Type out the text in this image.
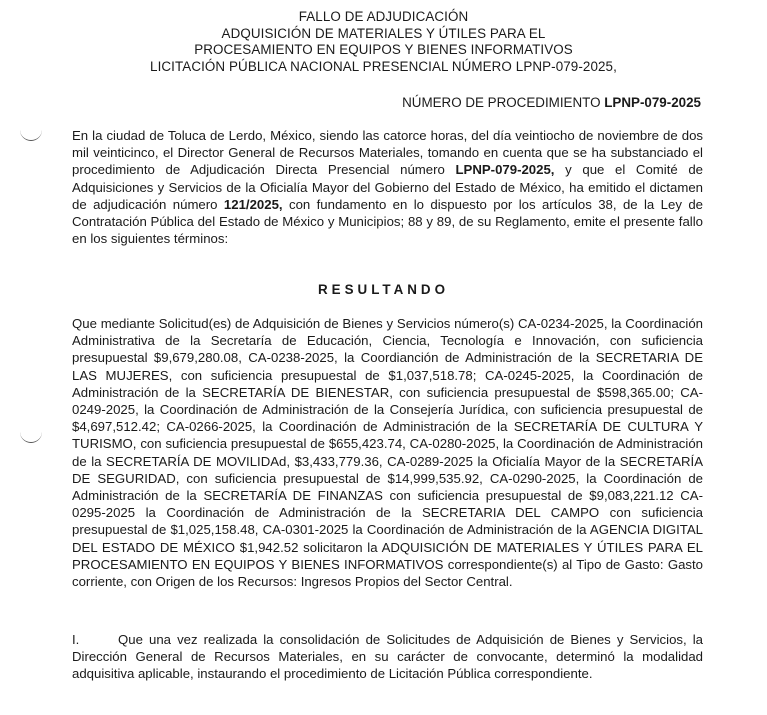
FALLO DE ADJUDICACIÓN
ADQUISICIÓN DE MATERIALES Y ÚTILES PARA EL
PROCESAMIENTO EN EQUIPOS Y BIENES INFORMATIVOS
LICITACIÓN PÚBLICA NACIONAL PRESENCIAL NÚMERO LPNP-079-2025,
NÚMERO DE PROCEDIMIENTO LPNP-079-2025

En la ciudad de Toluca de Lerdo, México, siendo las catorce horas, del día veintiocho de noviembre de dos mil veinticinco, el Director General de Recursos Materiales, tomando en cuenta que se ha substanciado el procedimiento de Adjudicación Directa Presencial número LPNP-079-2025, y que el Comité de Adquisiciones y Servicios de la Oficialía Mayor del Gobierno del Estado de México, ha emitido el dictamen de adjudicación número 121/2025, con fundamento en lo dispuesto por los artículos 38, de la Ley de Contratación Pública del Estado de México y Municipios; 88 y 89, de su Reglamento, emite el presente fallo en los siguientes términos:

RESULTANDO

Que mediante Solicitud(es) de Adquisición de Bienes y Servicios número(s) CA-0234-2025, la Coordinación Administrativa de la Secretaría de Educación, Ciencia, Tecnología e Innovación, con suficiencia presupuestal $9,679,280.08, CA-0238-2025, la Coordianción de Administración de la SECRETARIA DE LAS MUJERES, con suficiencia presupuestal de $1,037,518.78; CA-0245-2025, la Coordinación de Administración de la SECRETARÍA DE BIENESTAR, con suficiencia presupuestal de $598,365.00; CA-0249-2025, la Coordinación de Administración de la Consejería Jurídica, con suficiencia presupuestal de $4,697,512.42; CA-0266-2025, la Coordinación de Administración de la SECRETARÍA DE CULTURA Y TURISMO, con suficiencia presupuestal de $655,423.74, CA-0280-2025, la Coordinación de Administración de la SECRETARÍA DE MOVILIDAd, $3,433,779.36, CA-0289-2025 la Oficialía Mayor de la SECRETARÍA DE SEGURIDAD, con suficiencia presupuestal de $14,999,535.92, CA-0290-2025, la Coordinación de Administración de la SECRETARÍA DE FINANZAS con suficiencia presupuestal de $9,083,221.12 CA-0295-2025 la Coordinación de Administración de la SECRETARIA DEL CAMPO con suficiencia presupuestal de $1,025,158.48, CA-0301-2025 la Coordinación de Administración de la AGENCIA DIGITAL DEL ESTADO DE MÉXICO $1,942.52 solicitaron la ADQUISICIÓN DE MATERIALES Y ÚTILES PARA EL PROCESAMIENTO EN EQUIPOS Y BIENES INFORMATIVOS correspondiente(s) al Tipo de Gasto: Gasto corriente, con Origen de los Recursos: Ingresos Propios del Sector Central.

I.	Que una vez realizada la consolidación de Solicitudes de Adquisición de Bienes y Servicios, la Dirección General de Recursos Materiales, en su carácter de convocante, determinó la modalidad adquisitiva aplicable, instaurando el procedimiento de Licitación Pública correspondiente.
